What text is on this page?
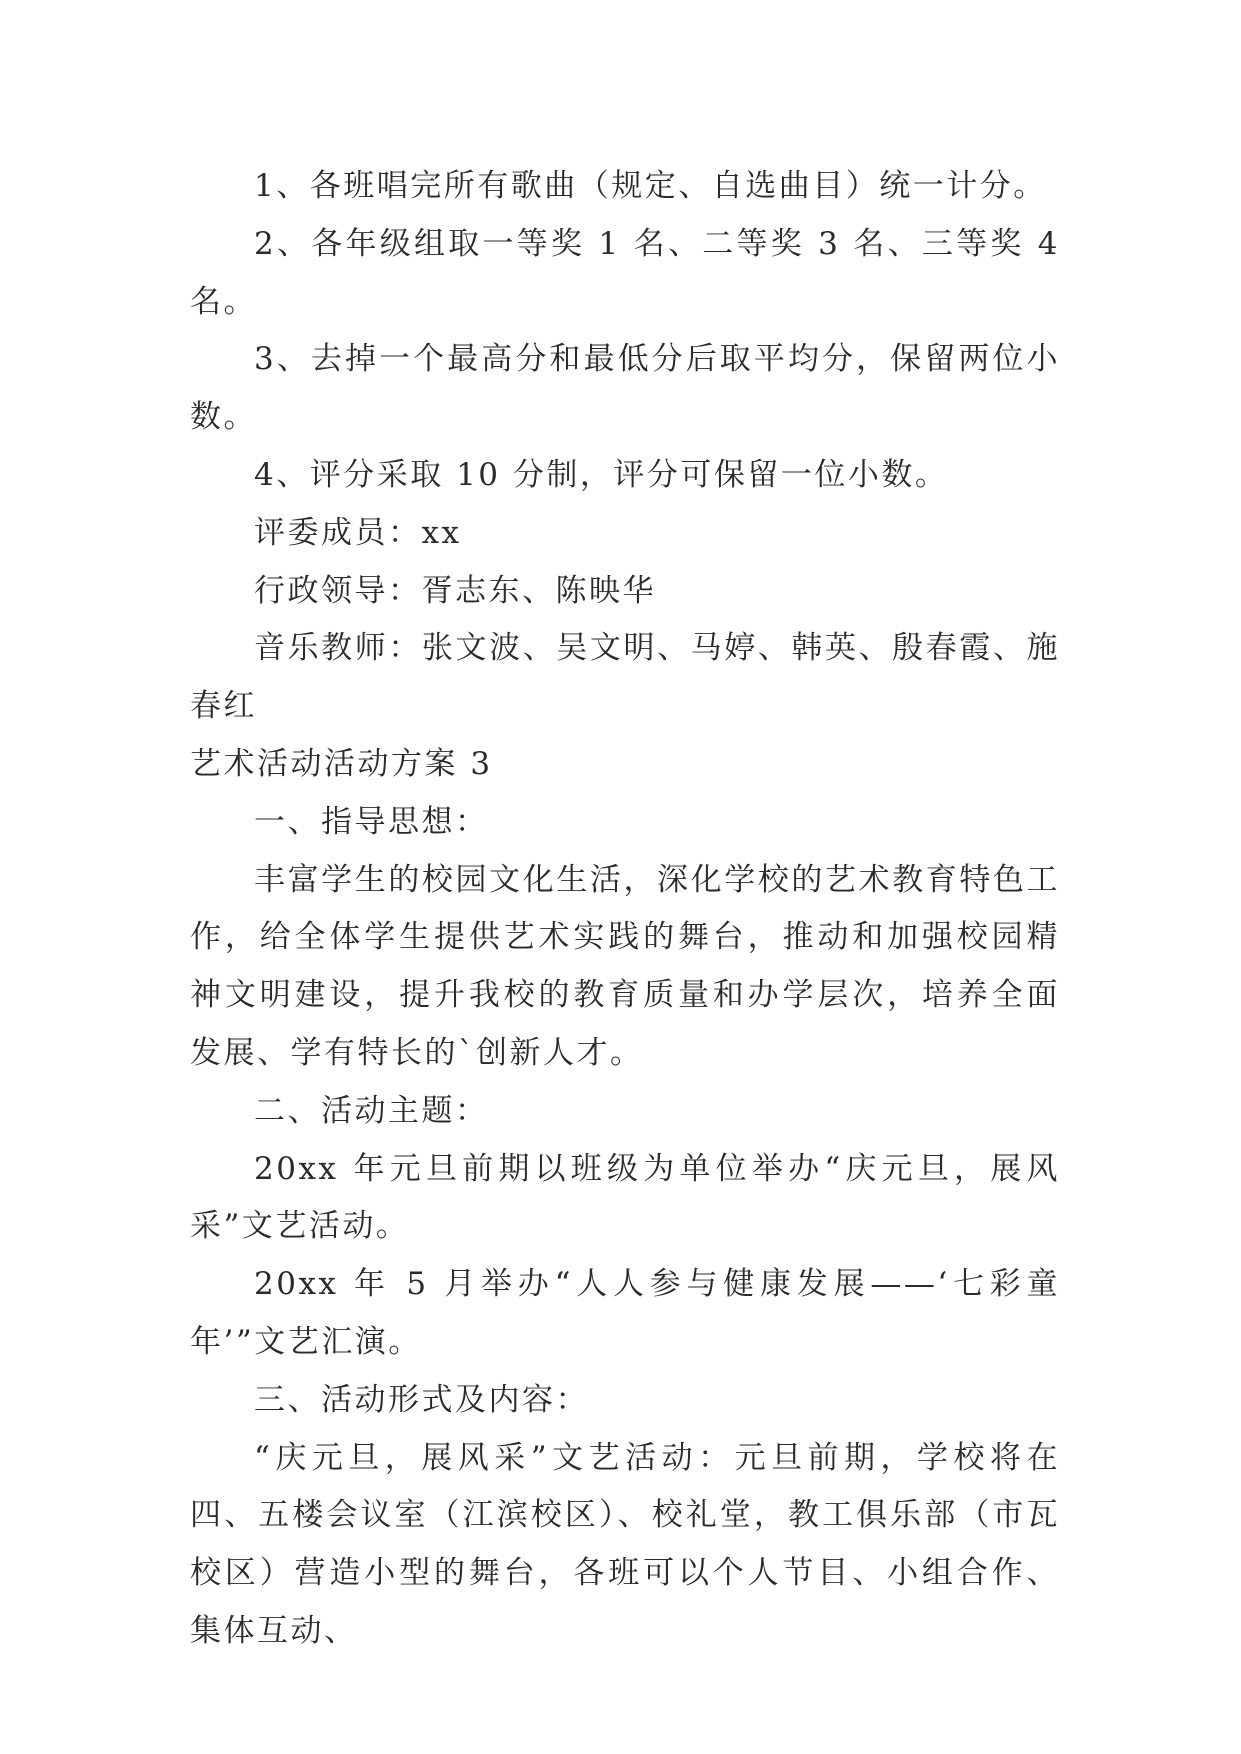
1、各班唱完所有歌曲（规定、自选曲目）统一计分。

2、各年级组取一等奖 1 名、二等奖 3 名、三等奖 4 名。

3、去掉一个最高分和最低分后取平均分，保留两位小数。

4、评分采取 10 分制，评分可保留一位小数。

评委成员：xx

行政领导：胥志东、陈映华

音乐教师：张文波、吴文明、马婷、韩英、殷春霞、施春红

艺术活动活动方案 3

一、指导思想：

丰富学生的校园文化生活，深化学校的艺术教育特色工作，给全体学生提供艺术实践的舞台，推动和加强校园精神文明建设，提升我校的教育质量和办学层次，培养全面发展、学有特长的`创新人才。

二、活动主题：

20xx 年元旦前期以班级为单位举办“庆元旦，展风采”文艺活动。

20xx 年 5 月举办“人人参与健康发展——‘七彩童年’”文艺汇演。

三、活动形式及内容：

“庆元旦，展风采”文艺活动：元旦前期，学校将在四、五楼会议室（江滨校区）、校礼堂，教工俱乐部（市瓦校区）营造小型的舞台，各班可以个人节目、小组合作、集体互动、
